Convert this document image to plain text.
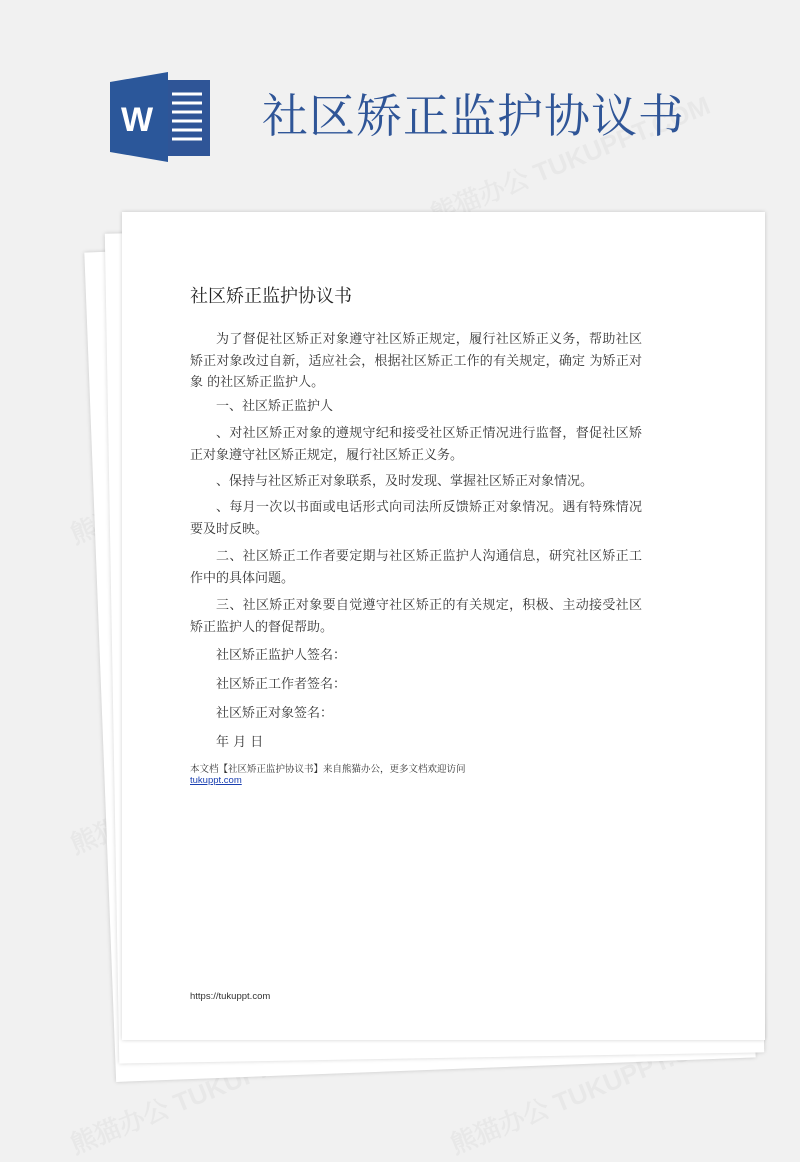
W 社区矫正监护协议书
社区矫正监护协议书
为了督促社区矫正对象遵守社区矫正规定，履行社区矫正义务，帮助社区矫正对象改过自新，适应社会，根据社区矫正工作的有关规定，确定 为矫正对象 的社区矫正监护人。
一、社区矫正监护人
、对社区矫正对象的遵规守纪和接受社区矫正情况进行监督，督促社区矫正对象遵守社区矫正规定，履行社区矫正义务。
、保持与社区矫正对象联系，及时发现、掌握社区矫正对象情况。
、每月一次以书面或电话形式向司法所反馈矫正对象情况。遇有特殊情况要及时反映。
二、社区矫正工作者要定期与社区矫正监护人沟通信息，研究社区矫正工作中的具体问题。
三、社区矫正对象要自觉遵守社区矫正的有关规定，积极、主动接受社区矫正监护人的督促帮助。
社区矫正监护人签名：
社区矫正工作者签名：
社区矫正对象签名：
年 月 日
本文档【社区矫正监护协议书】来自熊猫办公，更多文档欢迎访问
tukuppt.com
https://tukuppt.com
